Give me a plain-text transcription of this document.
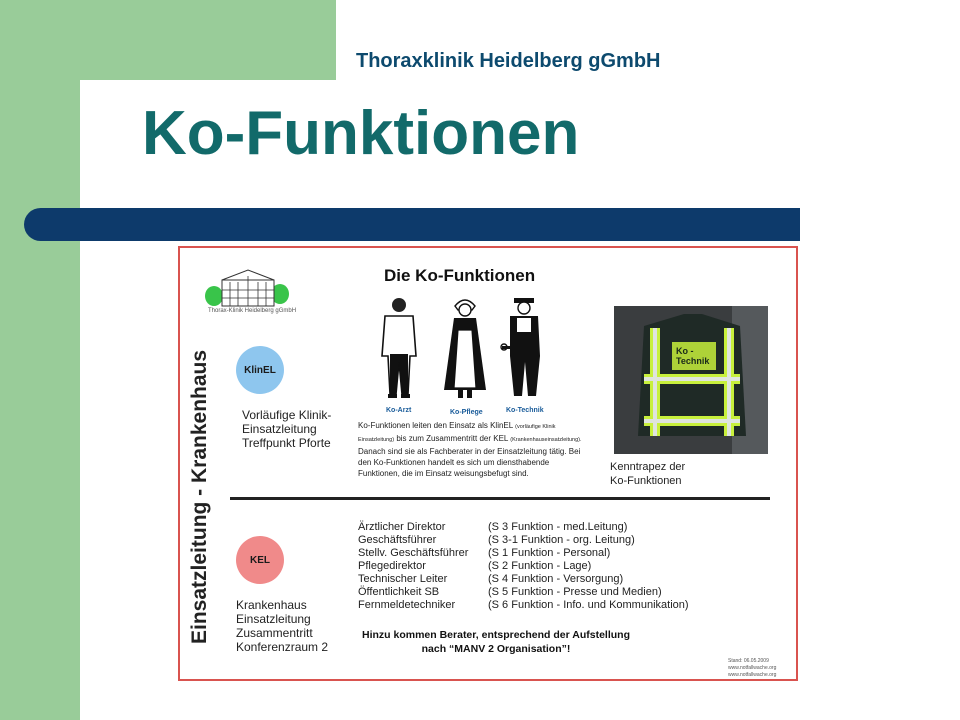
Thoraxklinik Heidelberg gGmbH
Ko-Funktionen
Thorax-Klinik Heidelberg gGmbH
Einsatzleitung - Krankenhaus	KlinEL
Vorläufige Klinik-
Einsatzleitung
Treffpunkt Pforte
Die Ko-Funktionen
Ko-Arzt	Ko-Pflege	Ko-Technik
Ko-Funktionen leiten den Einsatz als KlinEL (vorläufige Klinik Einsatzleitung) bis zum Zusammentritt der KEL (Krankenhauseinsatzleitung). Danach sind sie als Fachberater in der Einsatzleitung tätig. Bei den Ko-Funktionen handelt es sich um diensthabende Funktionen, die im Einsatz weisungsbefugt sind.
Ko -
Technik
Kenntrapez der
Ko-Funktionen
KEL
Krankenhaus
Einsatzleitung
Zusammentritt
Konferenzraum 2
Ärztlicher Direktor	(S 3 Funktion - med.Leitung)
Geschäftsführer	(S 3-1 Funktion - org. Leitung)
Stellv. Geschäftsführer	(S 1 Funktion - Personal)
Pflegedirektor	(S 2 Funktion - Lage)
Technischer Leiter	(S 4 Funktion - Versorgung)
Öffentlichkeit SB	(S 5 Funktion - Presse und Medien)
Fernmeldetechniker	(S 6 Funktion - Info. und Kommunikation)
Hinzu kommen Berater, entsprechend der Aufstellung
nach “MANV 2 Organisation”!
Stand: 06.05.2009
www.notfallwache.org
www.notfallwache.org
